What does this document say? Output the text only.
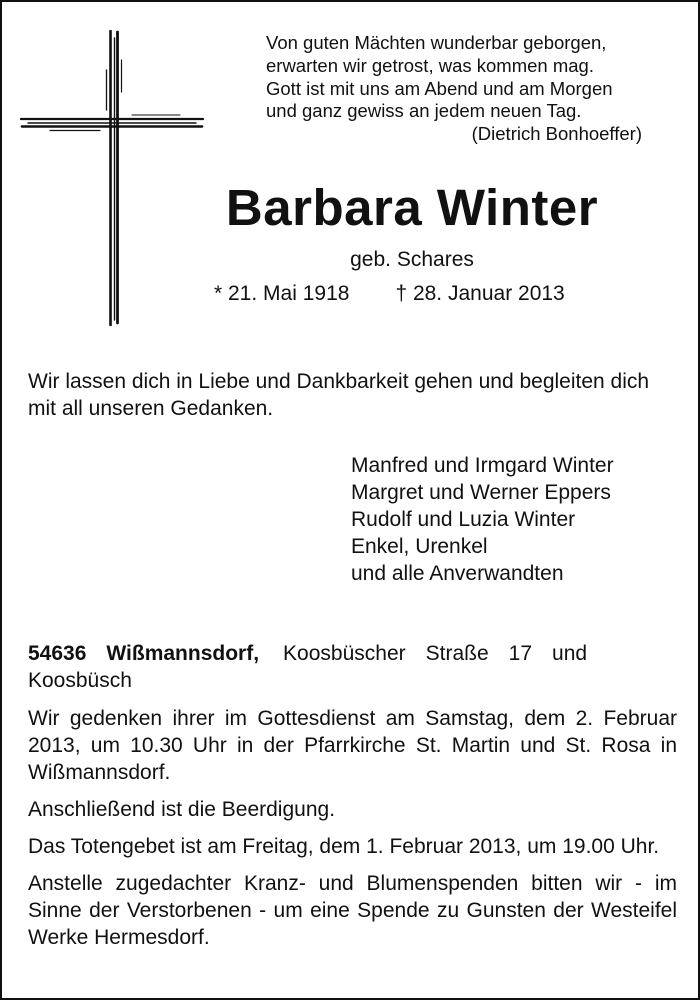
Von guten Mächten wunderbar geborgen,
erwarten wir getrost, was kommen mag.
Gott ist mit uns am Abend und am Morgen
und ganz gewiss an jedem neuen Tag.
(Dietrich Bonhoeffer)
Barbara Winter
geb. Schares
* 21. Mai 1918 † 28. Januar 2013
Wir lassen dich in Liebe und Dankbarkeit gehen und begleiten dich mit all unseren Gedanken.
Manfred und Irmgard Winter
Margret und Werner Eppers
Rudolf und Luzia Winter
Enkel, Urenkel
und alle Anverwandten

54636 Wißmannsdorf, Koosbüscher Straße 17 und

Koosbüsch

Wir gedenken ihrer im Gottesdienst am Samstag, dem 2. Februar 2013, um 10.30 Uhr in der Pfarrkirche St. Martin und St. Rosa in Wißmannsdorf.

Anschließend ist die Beerdigung.

Das Totengebet ist am Freitag, dem 1. Februar 2013, um 19.00 Uhr.

Anstelle zugedachter Kranz- und Blumenspenden bitten wir - im Sinne der Verstorbenen - um eine Spende zu Gunsten der Westeifel Werke Hermesdorf.
